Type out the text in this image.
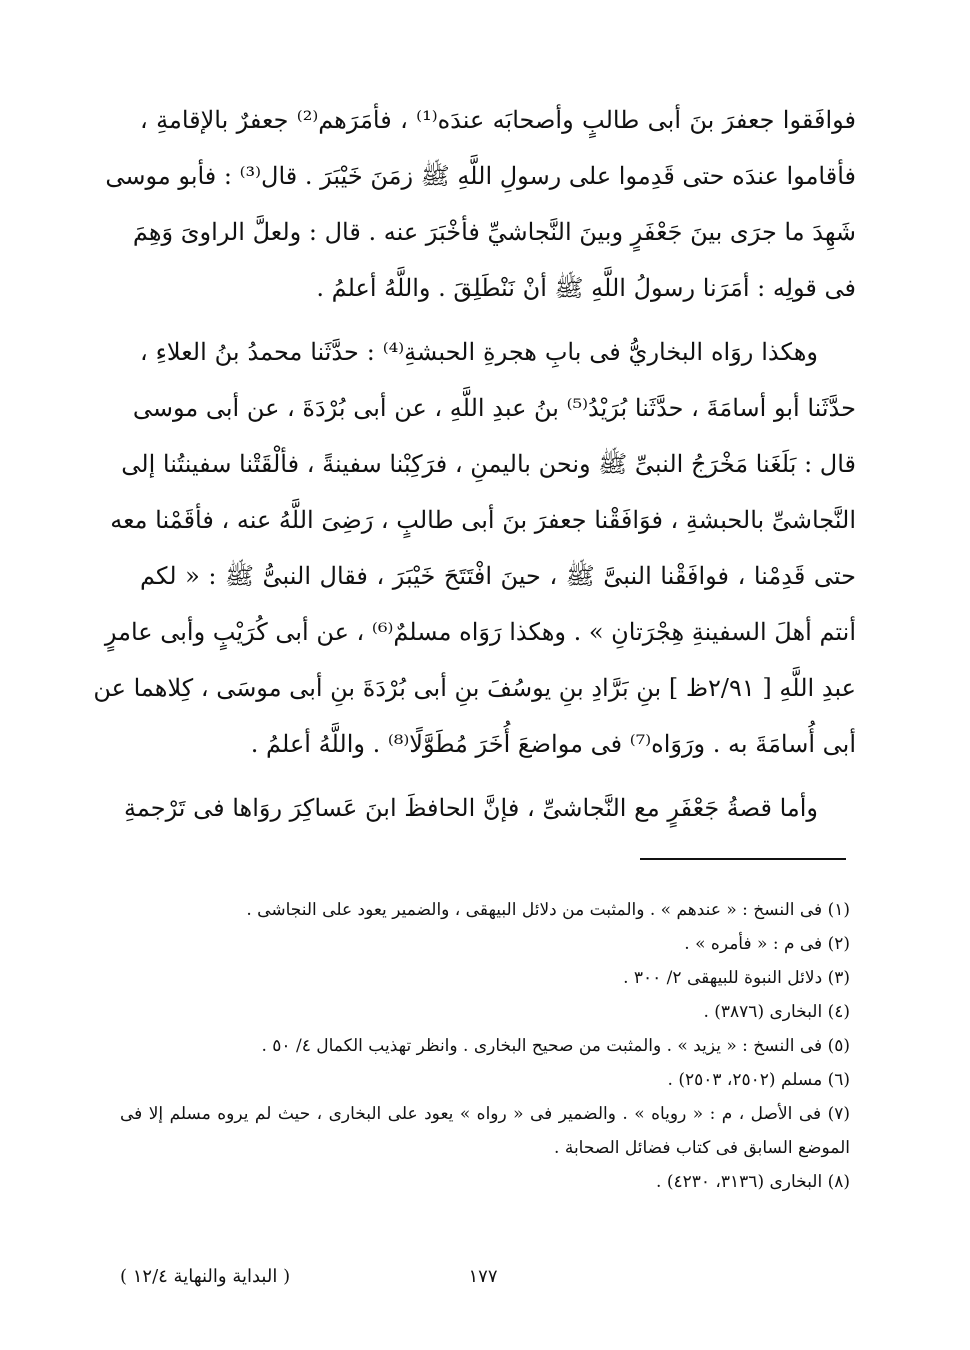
فوافَقوا جعفرَ بنَ أبى طالبٍ وأصحابَه عندَه⁽¹⁾ ، فأمَرَهم⁽²⁾ جعفرٌ بالإقامةِ ،
فأقاموا عندَه حتى قَدِموا على رسولِ اللَّهِ ﷺ زمَنَ خَيْبَرَ . قال⁽³⁾ : فأبو موسى
شَهِدَ ما جرَى بينَ جَعْفَرٍ وبينَ النَّجاشيِّ فأخْبَرَ عنه . قال : ولعلَّ الراوىَ وَهِمَ
فى قولِه : أمَرَنا رسولُ اللَّهِ ﷺ أنْ نَنْطَلِقَ . واللَّهُ أعلمُ .
وهكذا روَاه البخاريُّ فى بابِ هجرةِ الحبشةِ⁽⁴⁾ : حدَّثَنا محمدُ بنُ العلاءِ ،
حدَّثَنا أبو أسامَةَ ، حدَّثَنا بُرَيْدُ⁽⁵⁾ بنُ عبدِ اللَّهِ ، عن أبى بُرْدَةَ ، عن أبى موسى
قال : بَلَغَنا مَخْرَجُ النبىِّ ﷺ ونحن باليمنِ ، فرَكِبْنا سفينةً ، فألْقَتْنا سفينتُنا إلى
النَّجاشىِّ بالحبشةِ ، فوَافَقْنا جعفرَ بنَ أبى طالبٍ ، رَضِىَ اللَّهُ عنه ، فأقَمْنا معه
حتى قَدِمْنا ، فوافَقْنا النبىَّ ﷺ ، حينَ افْتَتَحَ خَيْبَرَ ، فقال النبىُّ ﷺ : « لكم
أنتم أهلَ السفينةِ هِجْرَتانِ » . وهكذا رَوَاه مسلمٌ⁽⁶⁾ ، عن أبى كُرَيْبٍ وأبى عامرٍ
عبدِ اللَّهِ [ ٢/٩١ظ ] بنِ بَرَّادِ بنِ يوسُفَ بنِ أبى بُرْدَةَ بنِ أبى موسَى ، كِلاهما عن
أبى أُسامَةَ به . ورَوَاه⁽⁷⁾ فى مواضعَ أُخَرَ مُطَوَّلًا⁽⁸⁾ . واللَّهُ أعلمُ .
وأما قصةُ جَعْفَرٍ مع النَّجاشىِّ ، فإنَّ الحافظَ ابنَ عَساكِرَ روَاها فى تَرْجمةِ
(١) فى النسخ : « عندهم » . والمثبت من دلائل البيهقى ، والضمير يعود على النجاشى .
(٢) فى م : « فأمره » .
(٣) دلائل النبوة للبيهقى ٢/ ٣٠٠ .
(٤) البخارى (٣٨٧٦) .
(٥) فى النسخ : « يزيد » . والمثبت من صحيح البخارى . وانظر تهذيب الكمال ٤/ ٥٠ .
(٦) مسلم (٢٥٠٢، ٢٥٠٣) .
(٧) فى الأصل ، م : « روياه » . والضمير فى « رواه » يعود على البخارى ، حيث لم يروه مسلم إلا فى
الموضع السابق فى كتاب فضائل الصحابة .
(٨) البخارى (٣١٣٦، ٤٢٣٠) .
١٧٧
( البداية والنهاية ١٢/٤ )
